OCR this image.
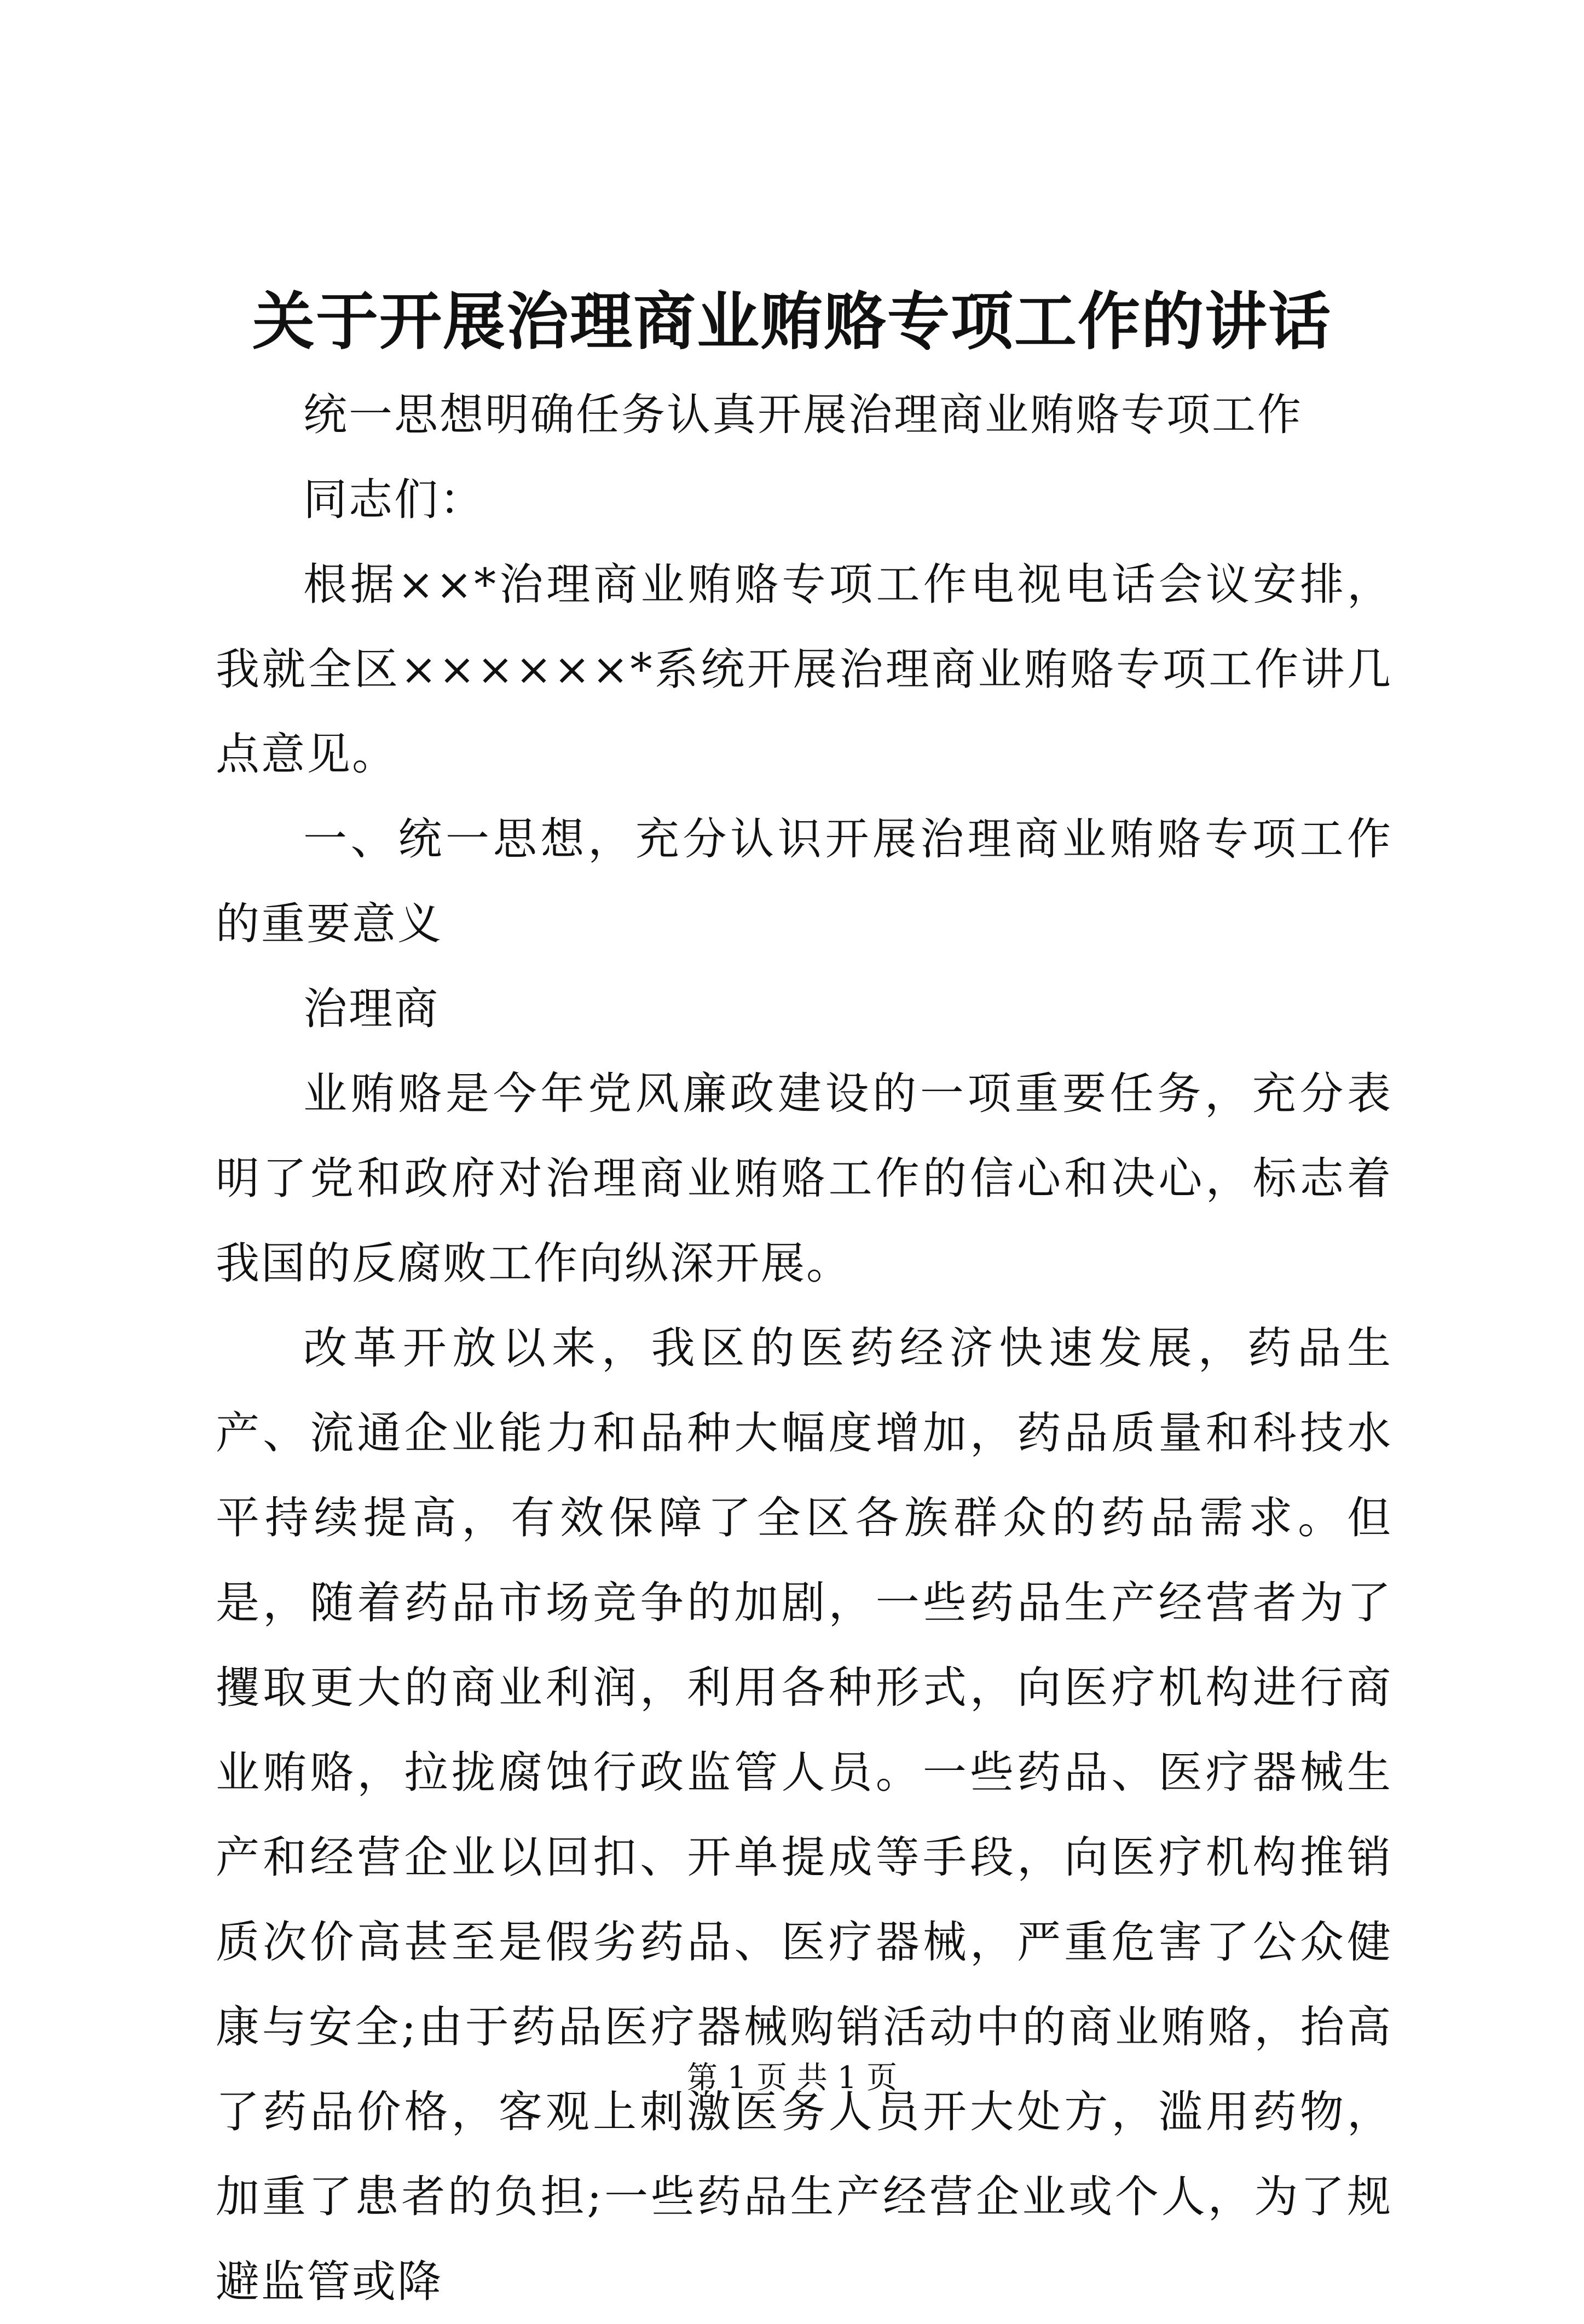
关于开展治理商业贿赂专项工作的讲话

统一思想明确任务认真开展治理商业贿赂专项工作

同志们：

根据××*治理商业贿赂专项工作电视电话会议安排，我就全区××××××*系统开展治理商业贿赂专项工作讲几点意见。

一、统一思想，充分认识开展治理商业贿赂专项工作的重要意义

治理商

业贿赂是今年党风廉政建设的一项重要任务，充分表明了党和政府对治理商业贿赂工作的信心和决心，标志着我国的反腐败工作向纵深开展。

改革开放以来，我区的医药经济快速发展，药品生产、流通企业能力和品种大幅度增加，药品质量和科技水平持续提高，有效保障了全区各族群众的药品需求。但是，随着药品市场竞争的加剧，一些药品生产经营者为了攫取更大的商业利润，利用各种形式，向医疗机构进行商业贿赂，拉拢腐蚀行政监管人员。一些药品、医疗器械生产和经营企业以回扣、开单提成等手段，向医疗机构推销质次价高甚至是假劣药品、医疗器械，严重危害了公众健康与安全;由于药品医疗器械购销活动中的商业贿赂，抬高了药品价格，客观上刺激医务人员开大处方，滥用药物，加重了患者的负担;一些药品生产经营企业或个人，为了规避监管或降

第 1 页 共 1 页
